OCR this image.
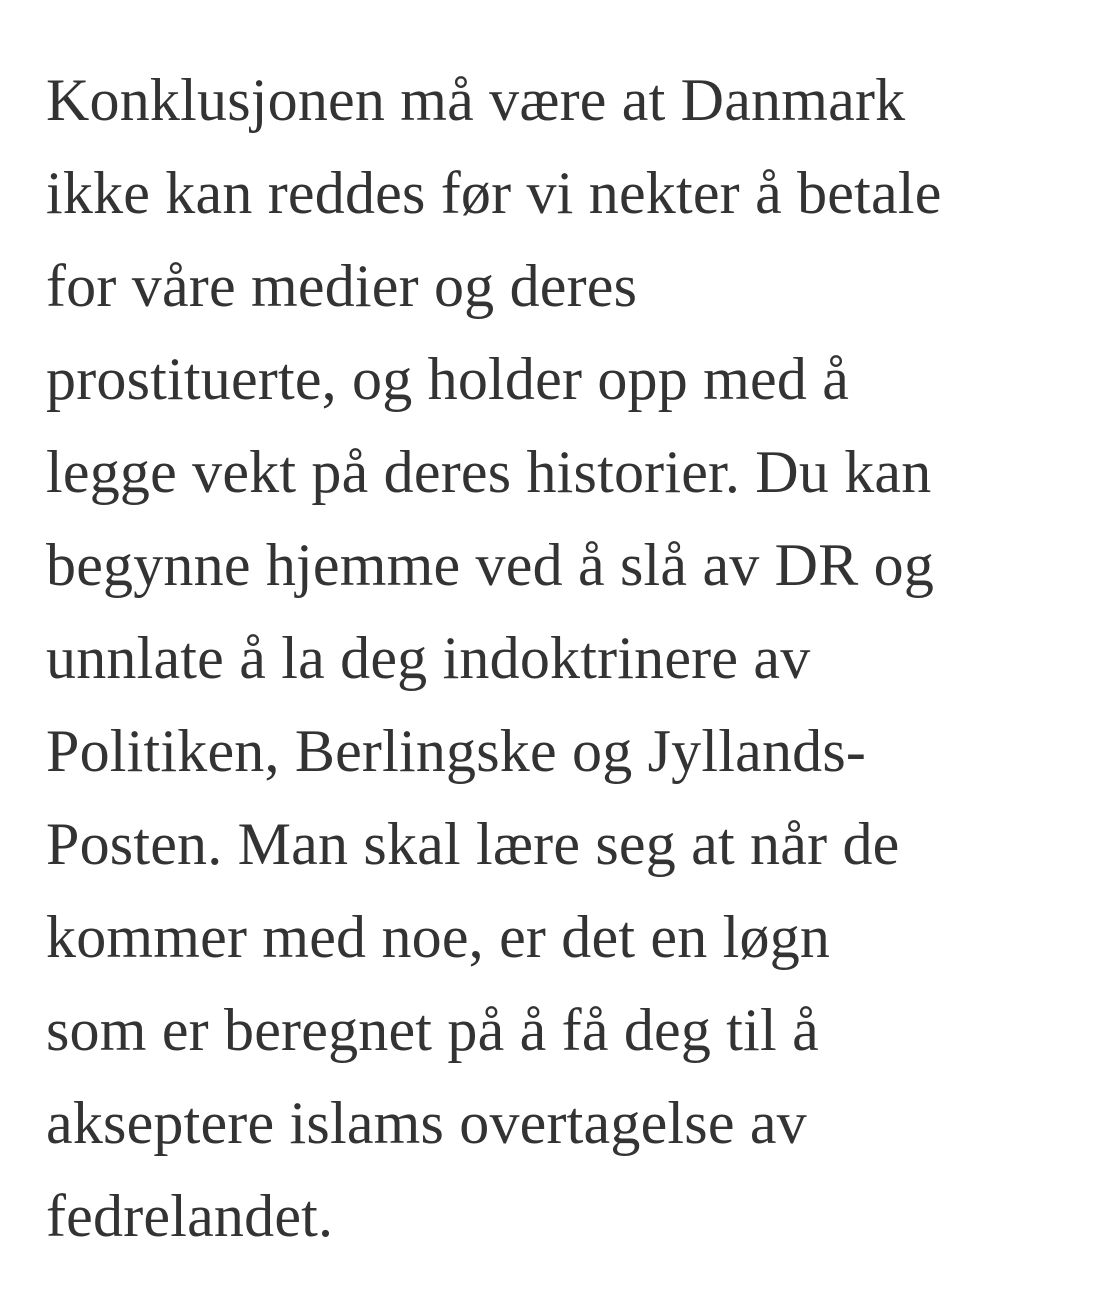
Konklusjonen må være at Danmark
ikke kan reddes før vi nekter å betale
for våre medier og deres
prostituerte, og holder opp med å
legge vekt på deres historier. Du kan
begynne hjemme ved å slå av DR og
unnlate å la deg indoktrinere av
Politiken, Berlingske og Jyllands-
Posten. Man skal lære seg at når de
kommer med noe, er det en løgn
som er beregnet på å få deg til å
akseptere islams overtagelse av
fedrelandet.
